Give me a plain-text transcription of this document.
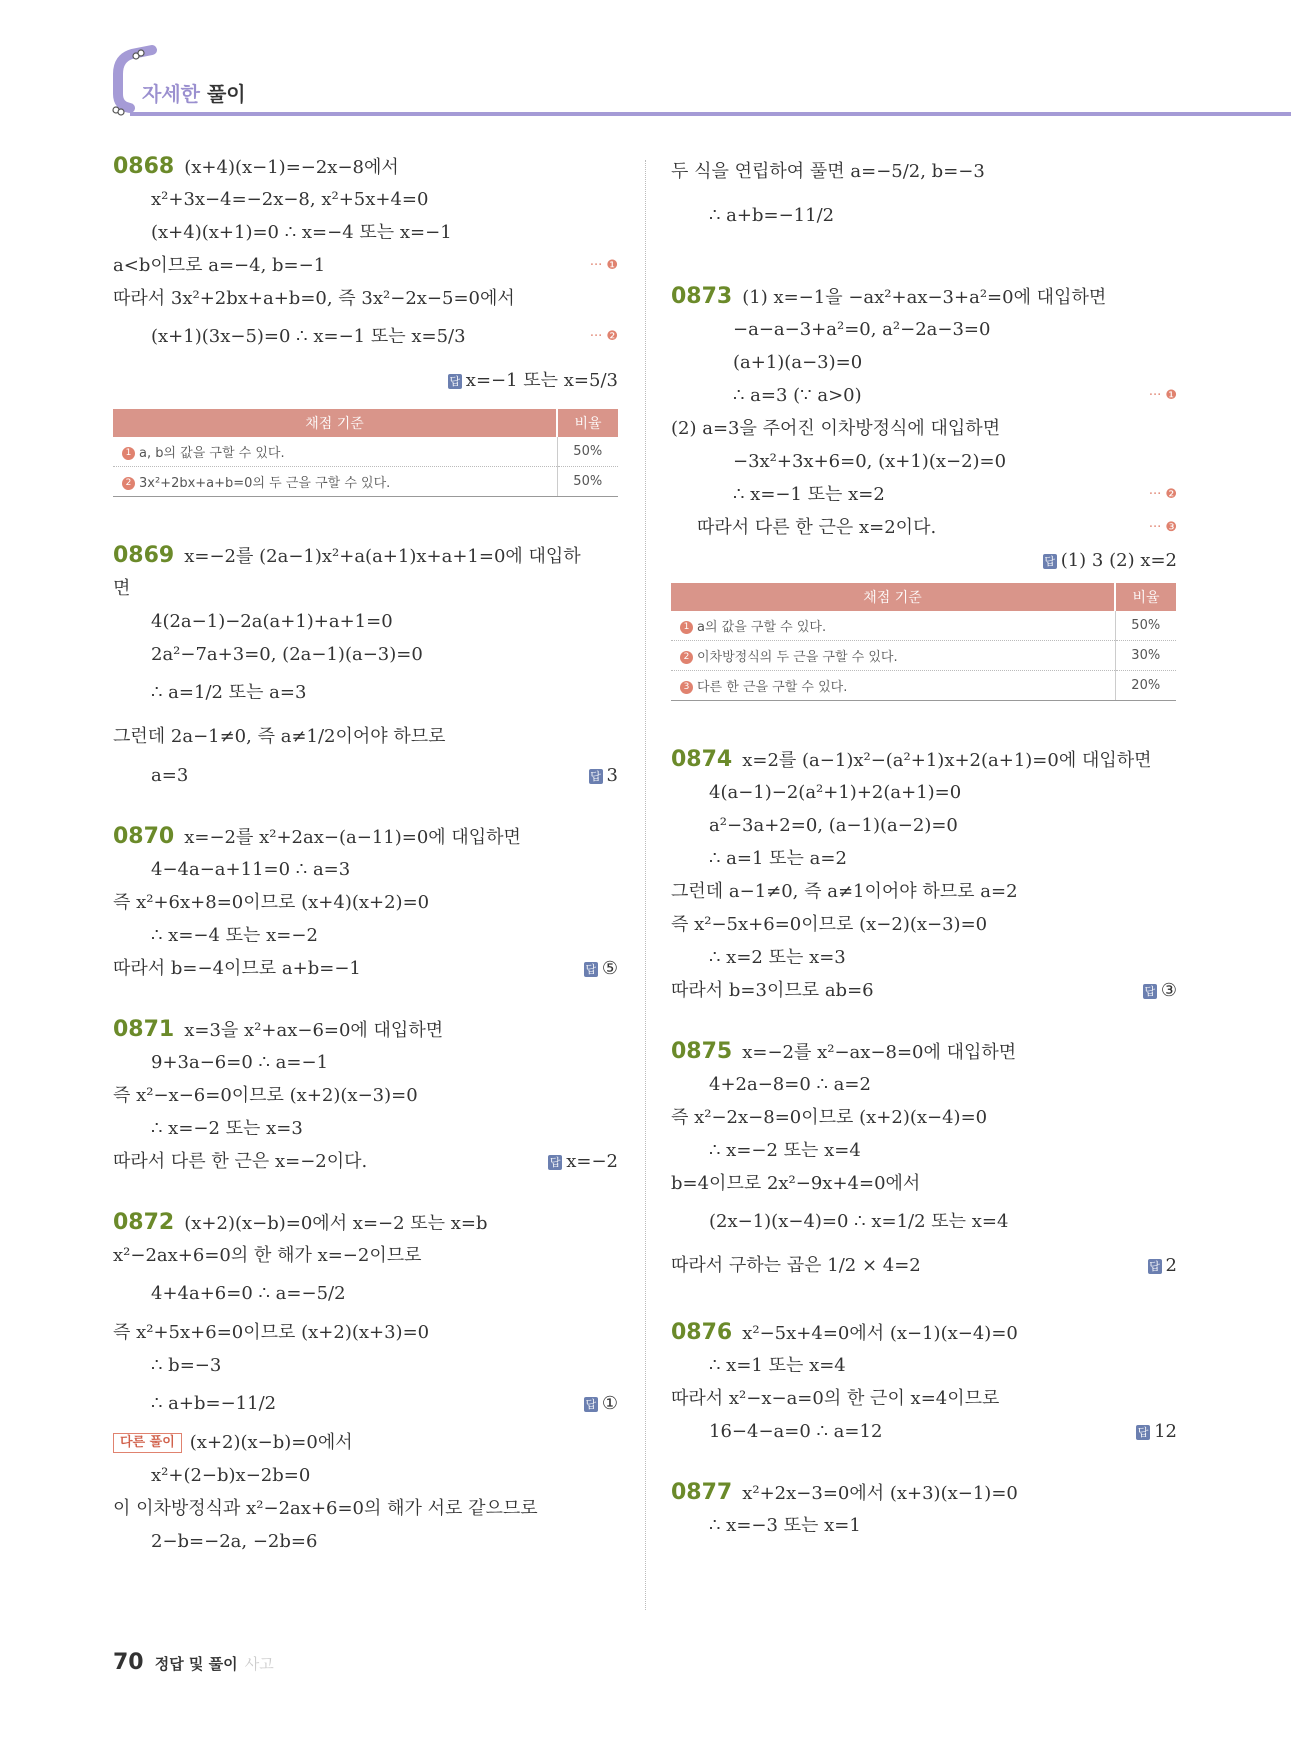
자세한 풀이
0868 (x+4)(x−1)=−2x−8에서
x²+3x−4=−2x−8, x²+5x+4=0
(x+4)(x+1)=0 ∴ x=−4 또는 x=−1
a<b이므로 a=−4, b=−1	··· ❶
따라서 3x²+2bx+a+b=0, 즉 3x²−2x−5=0에서
(x+1)(3x−5)=0 ∴ x=−1 또는 x=5/3	··· ❷
답 x=−1 또는 x=5/3
채점 기준	비율
1 a, b의 값을 구할 수 있다.	50%
2 3x²+2bx+a+b=0의 두 근을 구할 수 있다.	50%
0869 x=−2를 (2a−1)x²+a(a+1)x+a+1=0에 대입하
면
4(2a−1)−2a(a+1)+a+1=0
2a²−7a+3=0, (2a−1)(a−3)=0
∴ a=1/2 또는 a=3
그런데 2a−1≠0, 즉 a≠1/2이어야 하므로
a=3	답 3
0870 x=−2를 x²+2ax−(a−11)=0에 대입하면
4−4a−a+11=0 ∴ a=3
즉 x²+6x+8=0이므로 (x+4)(x+2)=0
∴ x=−4 또는 x=−2
따라서 b=−4이므로 a+b=−1	답 ⑤
0871 x=3을 x²+ax−6=0에 대입하면
9+3a−6=0 ∴ a=−1
즉 x²−x−6=0이므로 (x+2)(x−3)=0
∴ x=−2 또는 x=3
따라서 다른 한 근은 x=−2이다.	답 x=−2
0872 (x+2)(x−b)=0에서 x=−2 또는 x=b
x²−2ax+6=0의 한 해가 x=−2이므로
4+4a+6=0 ∴ a=−5/2
즉 x²+5x+6=0이므로 (x+2)(x+3)=0
∴ b=−3
∴ a+b=−11/2	답 ①
다른 풀이 (x+2)(x−b)=0에서
x²+(2−b)x−2b=0
이 이차방정식과 x²−2ax+6=0의 해가 서로 같으므로
2−b=−2a, −2b=6
두 식을 연립하여 풀면 a=−5/2, b=−3
∴ a+b=−11/2
0873 (1) x=−1을 −ax²+ax−3+a²=0에 대입하면
−a−a−3+a²=0, a²−2a−3=0
(a+1)(a−3)=0
∴ a=3 (∵ a>0)	··· ❶
(2) a=3을 주어진 이차방정식에 대입하면
−3x²+3x+6=0, (x+1)(x−2)=0
∴ x=−1 또는 x=2	··· ❷
따라서 다른 한 근은 x=2이다.	··· ❸
답 (1) 3 (2) x=2
채점 기준	비율
1 a의 값을 구할 수 있다.	50%
2 이차방정식의 두 근을 구할 수 있다.	30%
3 다른 한 근을 구할 수 있다.	20%
0874 x=2를 (a−1)x²−(a²+1)x+2(a+1)=0에 대입하면
4(a−1)−2(a²+1)+2(a+1)=0
a²−3a+2=0, (a−1)(a−2)=0
∴ a=1 또는 a=2
그런데 a−1≠0, 즉 a≠1이어야 하므로 a=2
즉 x²−5x+6=0이므로 (x−2)(x−3)=0
∴ x=2 또는 x=3
따라서 b=3이므로 ab=6	답 ③
0875 x=−2를 x²−ax−8=0에 대입하면
4+2a−8=0 ∴ a=2
즉 x²−2x−8=0이므로 (x+2)(x−4)=0
∴ x=−2 또는 x=4
b=4이므로 2x²−9x+4=0에서
(2x−1)(x−4)=0 ∴ x=1/2 또는 x=4
따라서 구하는 곱은 1/2 × 4=2	답 2
0876 x²−5x+4=0에서 (x−1)(x−4)=0
∴ x=1 또는 x=4
따라서 x²−x−a=0의 한 근이 x=4이므로
16−4−a=0 ∴ a=12	답 12
0877 x²+2x−3=0에서 (x+3)(x−1)=0
∴ x=−3 또는 x=1
70 정답 및 풀이 사고
